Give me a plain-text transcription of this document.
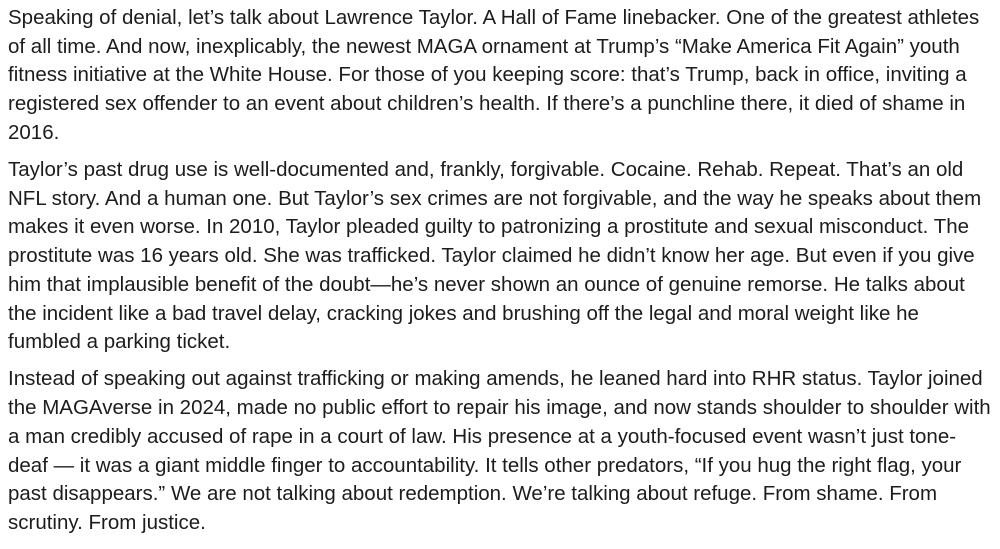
Speaking of denial, let’s talk about Lawrence Taylor. A Hall of Fame linebacker. One of the greatest athletes of all time. And now, inexplicably, the newest MAGA ornament at Trump’s “Make America Fit Again” youth fitness initiative at the White House. For those of you keeping score: that’s Trump, back in office, inviting a registered sex offender to an event about children’s health. If there’s a punchline there, it died of shame in 2016.

Taylor’s past drug use is well-documented and, frankly, forgivable. Cocaine. Rehab. Repeat. That’s an old NFL story. And a human one. But Taylor’s sex crimes are not forgivable, and the way he speaks about them makes it even worse. In 2010, Taylor pleaded guilty to patronizing a prostitute and sexual misconduct. The prostitute was 16 years old. She was trafficked. Taylor claimed he didn’t know her age. But even if you give him that implausible benefit of the doubt—he’s never shown an ounce of genuine remorse. He talks about the incident like a bad travel delay, cracking jokes and brushing off the legal and moral weight like he fumbled a parking ticket.

Instead of speaking out against trafficking or making amends, he leaned hard into RHR status. Taylor joined the MAGAverse in 2024, made no public effort to repair his image, and now stands shoulder to shoulder with a man credibly accused of rape in a court of law. His presence at a youth-focused event wasn’t just tone-deaf — it was a giant middle finger to accountability. It tells other predators, “If you hug the right flag, your past disappears.” We are not talking about redemption. We’re talking about refuge. From shame. From scrutiny. From justice.
